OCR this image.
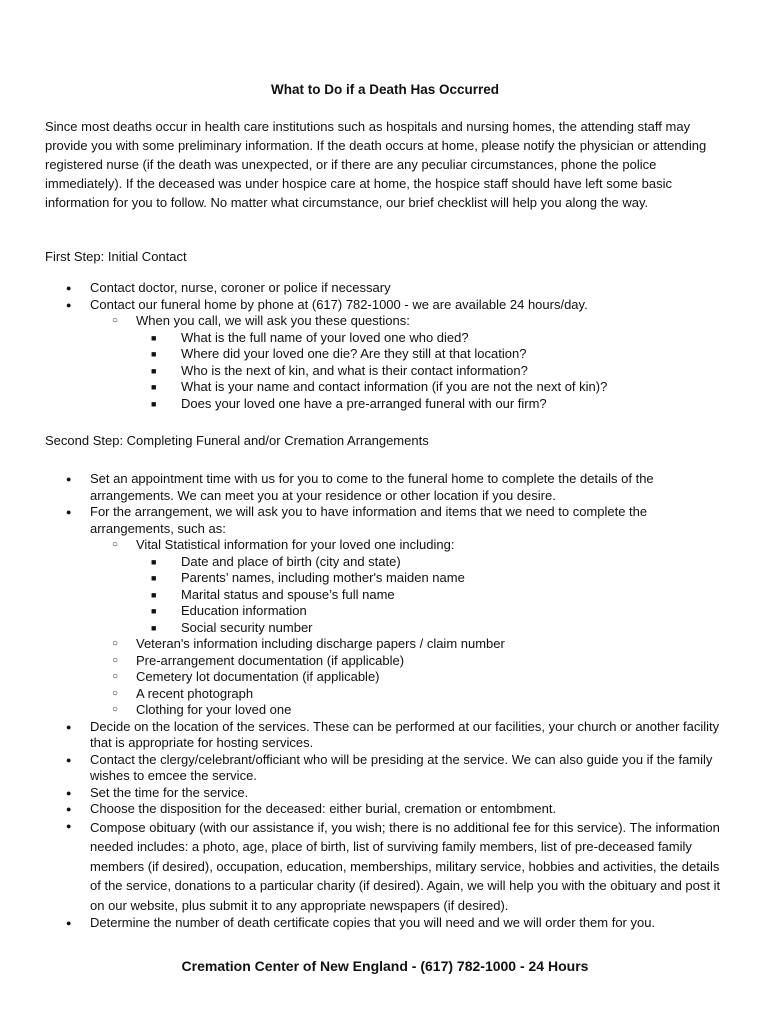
What to Do if a Death Has Occurred

Since most deaths occur in health care institutions such as hospitals and nursing homes, the attending staff may provide you with some preliminary information. If the death occurs at home, please notify the physician or attending registered nurse (if the death was unexpected, or if there are any peculiar circumstances, phone the police immediately). If the deceased was under hospice care at home, the hospice staff should have left some basic information for you to follow. No matter what circumstance, our brief checklist will help you along the way.

First Step: Initial Contact

● Contact doctor, nurse, coroner or police if necessary
● Contact our funeral home by phone at (617) 782-1000 - we are available 24 hours/day.
○ When you call, we will ask you these questions:
■ What is the full name of your loved one who died?
■ Where did your loved one die? Are they still at that location?
■ Who is the next of kin, and what is their contact information?
■ What is your name and contact information (if you are not the next of kin)?
■ Does your loved one have a pre-arranged funeral with our firm?

Second Step: Completing Funeral and/or Cremation Arrangements

● Set an appointment time with us for you to come to the funeral home to complete the details of the arrangements. We can meet you at your residence or other location if you desire.
● For the arrangement, we will ask you to have information and items that we need to complete the arrangements, such as:
○ Vital Statistical information for your loved one including:
■ Date and place of birth (city and state)
■ Parents’ names, including mother's maiden name
■ Marital status and spouse’s full name
■ Education information
■ Social security number
○ Veteran's information including discharge papers / claim number
○ Pre-arrangement documentation (if applicable)
○ Cemetery lot documentation (if applicable)
○ A recent photograph
○ Clothing for your loved one
● Decide on the location of the services. These can be performed at our facilities, your church or another facility that is appropriate for hosting services.
● Contact the clergy/celebrant/officiant who will be presiding at the service. We can also guide you if the family wishes to emcee the service.
● Set the time for the service.
● Choose the disposition for the deceased: either burial, cremation or entombment.
● Compose obituary (with our assistance if, you wish; there is no additional fee for this service). The information needed includes: a photo, age, place of birth, list of surviving family members, list of pre-deceased family members (if desired), occupation, education, memberships, military service, hobbies and activities, the details of the service, donations to a particular charity (if desired). Again, we will help you with the obituary and post it on our website, plus submit it to any appropriate newspapers (if desired).
● Determine the number of death certificate copies that you will need and we will order them for you.
Cremation Center of New England - (617) 782-1000 - 24 Hours
